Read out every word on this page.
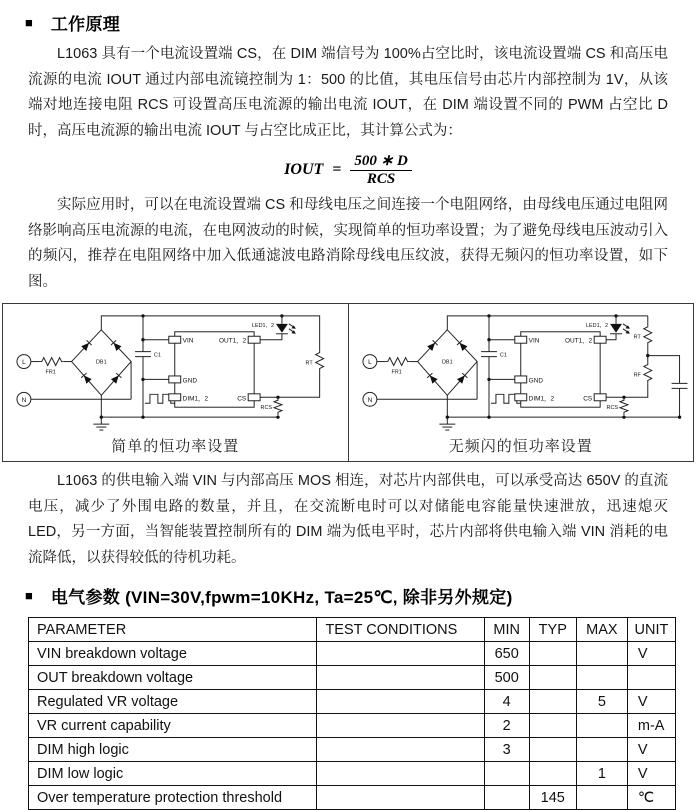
■ 工作原理

L1063 具有一个电流设置端 CS，在 DIM 端信号为 100%占空比时，该电流设置端 CS 和高压电流源的电流 IOUT 通过内部电流镜控制为 1：500 的比值，其电压信号由芯片内部控制为 1V，从该端对地连接电阻 RCS 可设置高压电流源的输出电流 IOUT，在 DIM 端设置不同的 PWM 占空比 D 时，高压电流源的输出电流 IOUT 与占空比成正比，其计算公式为：

IOUT = $\frac{500 ∗ D}{\text{RCS}}$

实际应用时，可以在电流设置端 CS 和母线电压之间连接一个电阻网络，由母线电压通过电阻网络影响高压电流源的电流，在电网波动的时候，实现简单的恒功率设置；为了避免母线电压波动引入的频闪，推荐在电阻网络中加入低通滤波电路消除母线电压纹波，获得无频闪的恒功率设置，如下图。

L
FR1
DB1
N
C1
VIN
GND
DIM1，2
OUT1，2
CS
LED1，2
RT
RCS
简单的恒功率设置
L
FR1
DB1
N
C1
VIN
GND
DIM1，2
OUT1，2
CS
LED1，2
RT
RF
RCS
无频闪的恒功率设置

L1063 的供电输入端 VIN 与内部高压 MOS 相连，对芯片内部供电，可以承受高达 650V 的直流电压，减少了外围电路的数量，并且，在交流断电时可以对储能电容能量快速泄放，迅速熄灭 LED，另一方面，当智能装置控制所有的 DIM 端为低电平时，芯片内部将供电输入端 VIN 消耗的电流降低，以获得较低的待机功耗。

■ 电气参数 (VIN=30V,fpwm=10KHz, Ta=25℃, 除非另外规定)
PARAMETER	TEST CONDITIONS	MIN	TYP	MAX	UNIT
VIN breakdown voltage		650			V
OUT breakdown voltage		500			
Regulated VR voltage		4		5	V
VR current capability		2			m-A
DIM high logic		3			V
DIM low logic				1	V
Over temperature protection threshold			145		℃
